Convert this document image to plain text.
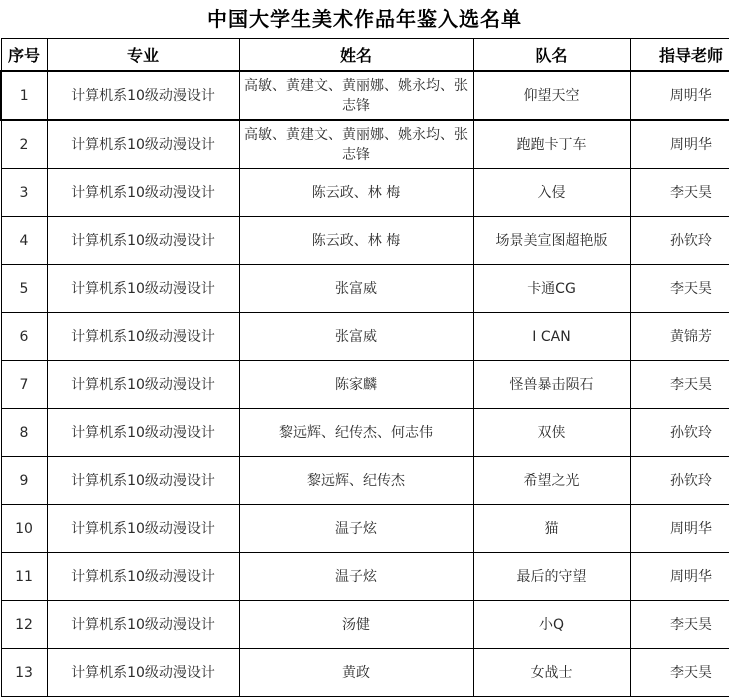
中国大学生美术作品年鉴入选名单
序号	专业	姓名	队名	指导老师
1	计算机系10级动漫设计	高敏、黄建文、黄丽娜、姚永均、张志锋	仰望天空	周明华
2	计算机系10级动漫设计	高敏、黄建文、黄丽娜、姚永均、张志锋	跑跑卡丁车	周明华
3	计算机系10级动漫设计	陈云政、林 梅	入侵	李天昊
4	计算机系10级动漫设计	陈云政、林 梅	场景美宣图超艳版	孙钦玲
5	计算机系10级动漫设计	张富威	卡通CG	李天昊
6	计算机系10级动漫设计	张富威	I CAN	黄锦芳
7	计算机系10级动漫设计	陈家麟	怪兽暴击陨石	李天昊
8	计算机系10级动漫设计	黎远辉、纪传杰、何志伟	双侠	孙钦玲
9	计算机系10级动漫设计	黎远辉、纪传杰	希望之光	孙钦玲
10	计算机系10级动漫设计	温子炫	猫	周明华
11	计算机系10级动漫设计	温子炫	最后的守望	周明华
12	计算机系10级动漫设计	汤健	小Q	李天昊
13	计算机系10级动漫设计	黄政	女战士	李天昊
